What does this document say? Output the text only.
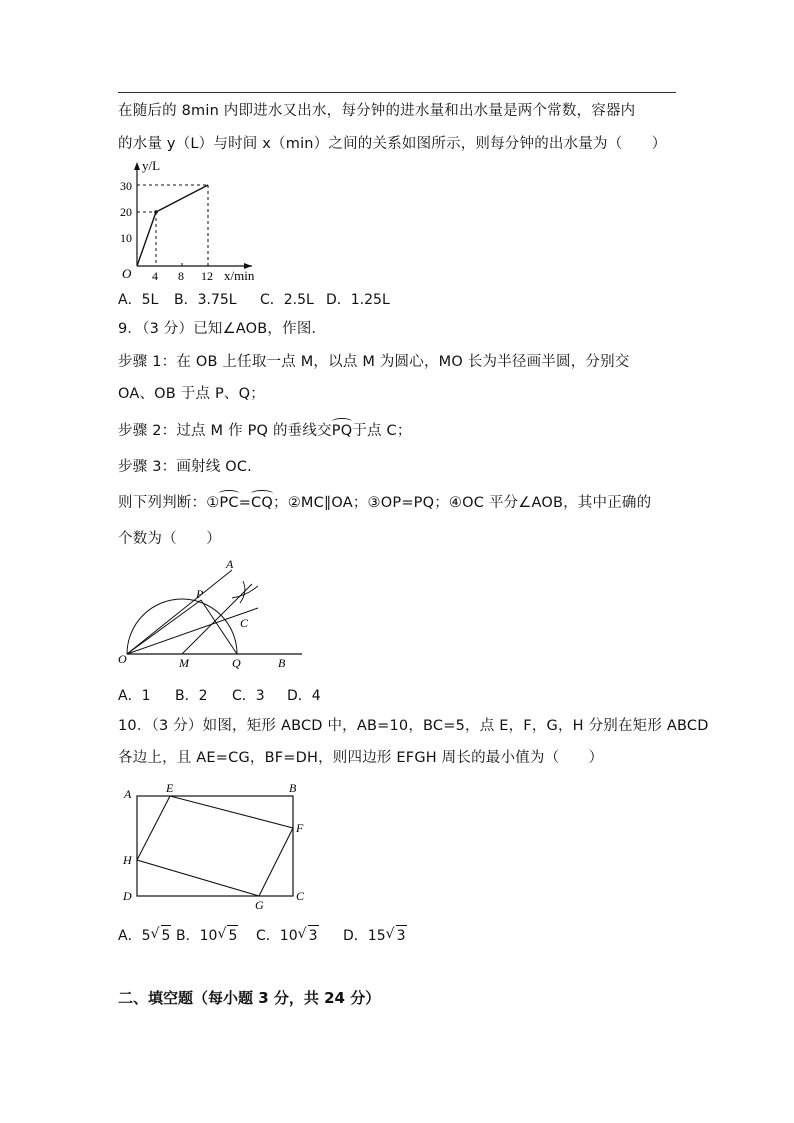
在随后的 8min 内即进水又出水，每分钟的进水量和出水量是两个常数，容器内
的水量 y（L）与时间 x（min）之间的关系如图所示，则每分钟的出水量为（　　）
y/L
x/min
O
30
20
10
4 8 12
A．5L B．3.75L C．2.5L D．1.25L
9．（3 分）已知∠AOB，作图．
步骤 1：在 OB 上任取一点 M，以点 M 为圆心，MO 长为半径画半圆，分别交
OA、OB 于点 P、Q；
步骤 2：过点 M 作 PQ 的垂线交PQ于点 C；
步骤 3：画射线 OC.
则下列判断：①PC=CQ；②MC∥OA；③OP=PQ；④OC 平分∠AOB，其中正确的
个数为（　　）
A
P
C
O	M	Q	B
A．1 B．2 C．3 D．4
10．（3 分）如图，矩形 ABCD 中，AB=10，BC=5，点 E，F，G，H 分别在矩形 ABCD
各边上，且 AE=CG，BF=DH，则四边形 EFGH 周长的最小值为（　　）
A	E	B
F
H
D
G
C
A．5 √ 5 B．10 √ 5 C．10 √ 3 D．15 √ 3
二、填空题（每小题 3 分，共 24 分）
